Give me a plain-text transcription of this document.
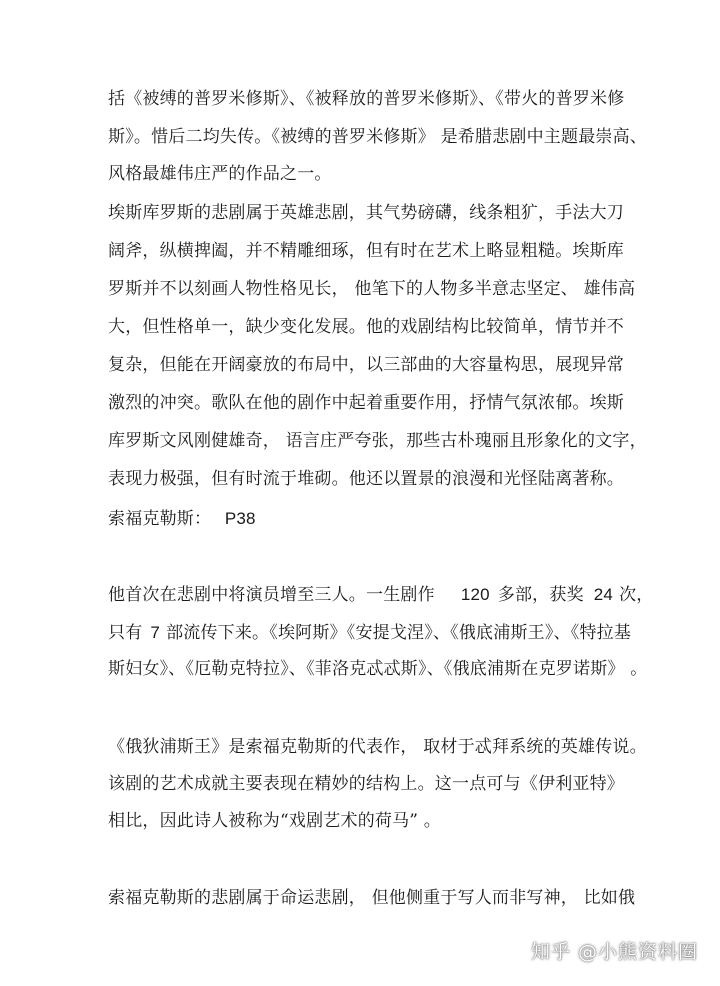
括《被缚的普罗米修斯》、《被释放的普罗米修斯》、《带火的普罗米修
斯》。惜后二均失传。《被缚的普罗米修斯》 是希腊悲剧中主题最崇高、
风格最雄伟庄严的作品之一。
埃斯库罗斯的悲剧属于英雄悲剧，其气势磅礴，线条粗犷，手法大刀
阔斧，纵横捭阖，并不精雕细琢，但有时在艺术上略显粗糙。埃斯库
罗斯并不以刻画人物性格见长， 他笔下的人物多半意志坚定、 雄伟高
大，但性格单一，缺少变化发展。他的戏剧结构比较简单，情节并不
复杂，但能在开阔豪放的布局中，以三部曲的大容量构思，展现异常
激烈的冲突。歌队在他的剧作中起着重要作用，抒情气氛浓郁。埃斯
库罗斯文风刚健雄奇， 语言庄严夸张，那些古朴瑰丽且形象化的文字，
表现力极强，但有时流于堆砌。他还以置景的浪漫和光怪陆离著称。
索福克勒斯： P38
他首次在悲剧中将演员增至三人。一生剧作 120 多部，获奖 24 次，
只有 7 部流传下来。《埃阿斯》《安提戈涅》、《俄底浦斯王》、《特拉基
斯妇女》、《厄勒克特拉》、《菲洛克忒忒斯》、《俄底浦斯在克罗诺斯》 。
《俄狄浦斯王》是索福克勒斯的代表作， 取材于忒拜系统的英雄传说。
该剧的艺术成就主要表现在精妙的结构上。这一点可与《伊利亚特》
相比，因此诗人被称为“戏剧艺术的荷马” 。
索福克勒斯的悲剧属于命运悲剧， 但他侧重于写人而非写神， 比如俄
知乎 @小熊资料圈
